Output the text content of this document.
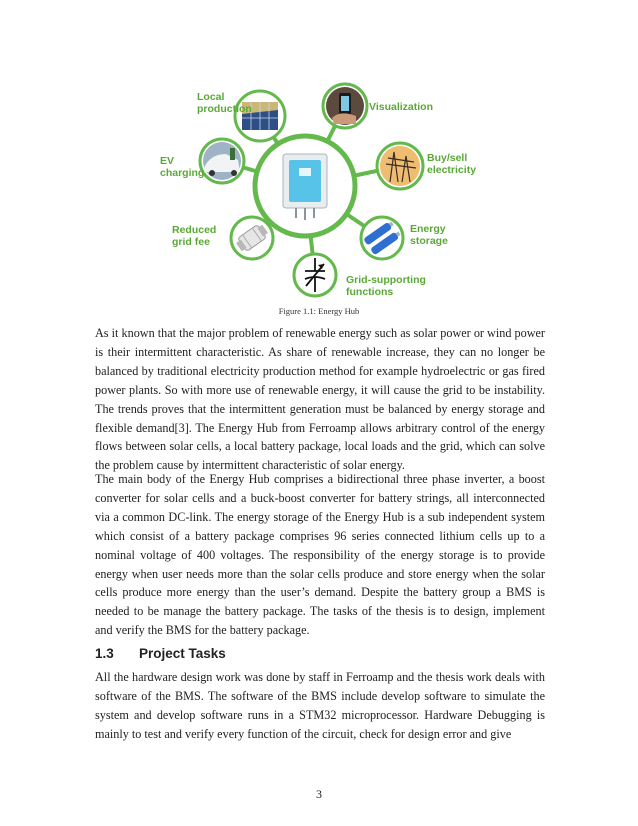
Local production	Visualization
EV charging
Buy/sell electricity
Reduced grid fee
Energy storage
Grid-supporting functions
Figure 1.1: Energy Hub

As it known that the major problem of renewable energy such as solar power or wind power is their intermittent characteristic. As share of renewable increase, they can no longer be balanced by traditional electricity production method for example hydroelectric or gas fired power plants. So with more use of renewable energy, it will cause the grid to be instability. The trends proves that the intermittent generation must be balanced by energy storage and flexible demand[3]. The Energy Hub from Ferroamp allows arbitrary control of the energy flows between solar cells, a local battery package, local loads and the grid, which can solve the problem cause by intermittent characteristic of solar energy.

The main body of the Energy Hub comprises a bidirectional three phase inverter, a boost converter for solar cells and a buck-boost converter for battery strings, all interconnected via a common DC-link. The energy storage of the Energy Hub is a sub independent system which consist of a battery package comprises 96 series connected lithium cells up to a nominal voltage of 400 voltages. The responsibility of the energy storage is to provide energy when user needs more than the solar cells produce and store energy when the solar cells produce more energy than the user’s demand. Despite the battery group a BMS is needed to be manage the battery package. The tasks of the thesis is to design, implement and verify the BMS for the battery package.

1.3 Project Tasks

All the hardware design work was done by staff in Ferroamp and the thesis work deals with software of the BMS. The software of the BMS include develop software to simulate the system and develop software runs in a STM32 microprocessor. Hardware Debugging is mainly to test and verify every function of the circuit, check for design error and give

3
